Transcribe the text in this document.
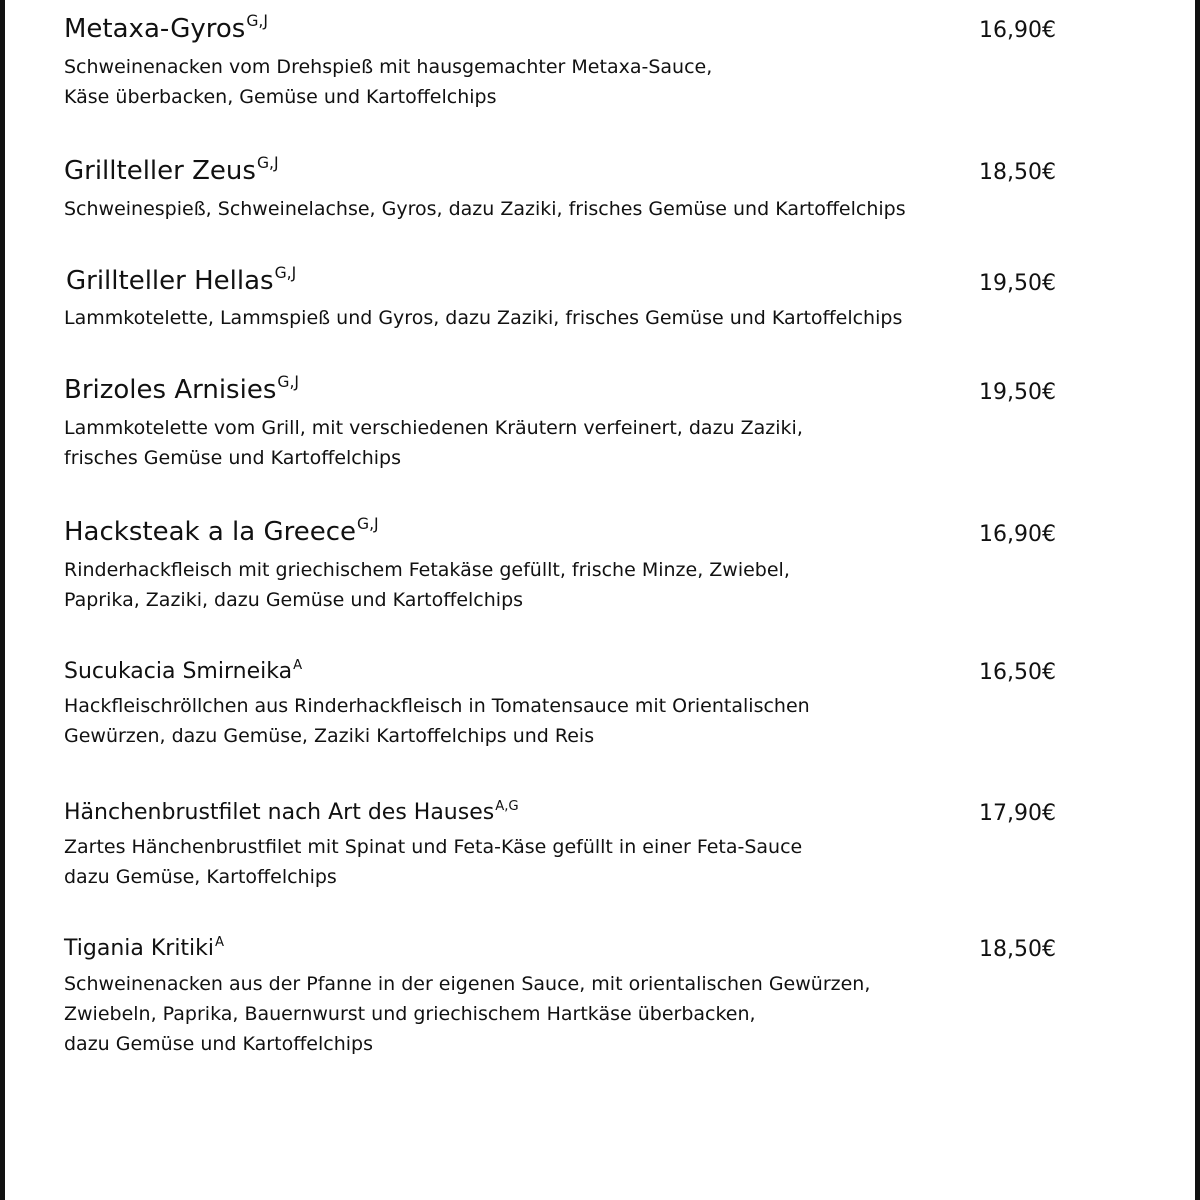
Metaxa-Gyros$^{G,J}$	16,90€
Schweinenacken vom Drehspieß mit hausgemachter Metaxa-Sauce,
Käse überbacken, Gemüse und Kartoffelchips
Grillteller Zeus$^{G,J}$	18,50€
Schweinespieß, Schweinelachse, Gyros, dazu Zaziki, frisches Gemüse und Kartoffelchips
Grillteller Hellas$^{G,J}$	19,50€
Lammkotelette, Lammspieß und Gyros, dazu Zaziki, frisches Gemüse und Kartoffelchips
Brizoles Arnisies$^{G,J}$	19,50€
Lammkotelette vom Grill, mit verschiedenen Kräutern verfeinert, dazu Zaziki,
frisches Gemüse und Kartoffelchips
Hacksteak a la Greece$^{G,J}$	16,90€
Rinderhackfleisch mit griechischem Fetakäse gefüllt, frische Minze, Zwiebel,
Paprika, Zaziki, dazu Gemüse und Kartoffelchips
Sucukacia Smirneika$^A$	16,50€
Hackfleischröllchen aus Rinderhackfleisch in Tomatensauce mit Orientalischen
Gewürzen, dazu Gemüse, Zaziki Kartoffelchips und Reis
Hänchenbrustfilet nach Art des Hauses$^{A,G}$	17,90€
Zartes Hänchenbrustfilet mit Spinat und Feta-Käse gefüllt in einer Feta-Sauce
dazu Gemüse, Kartoffelchips
Tigania Kritiki$^A$	18,50€
Schweinenacken aus der Pfanne in der eigenen Sauce, mit orientalischen Gewürzen,
Zwiebeln, Paprika, Bauernwurst und griechischem Hartkäse überbacken,
dazu Gemüse und Kartoffelchips
